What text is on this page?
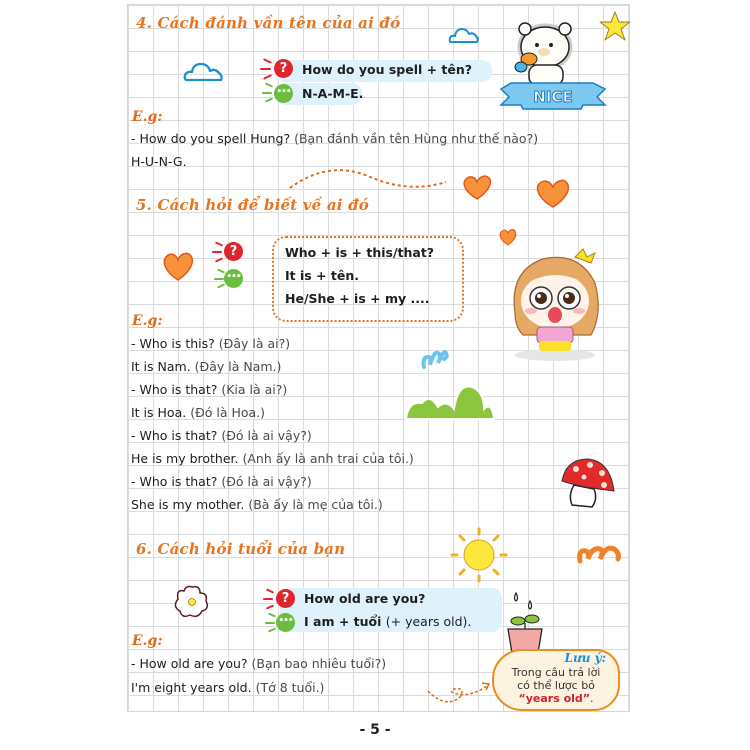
4. Cách đánh vần tên của ai đó
?
•••
How do you spell + tên?
N-A-M-E.
E.g:
- How do you spell Hung? (Bạn đánh vần tên Hùng như thế nào?)
H-U-N-G.
NICE
5. Cách hỏi để biết về ai đó
?
•••
Who + is + this/that?
It is + tên.
He/She + is + my ....
E.g:
- Who is this? (Đây là ai?)
It is Nam. (Đây là Nam.)
- Who is that? (Kia là ai?)
It is Hoa. (Đó là Hoa.)
- Who is that? (Đó là ai vậy?)
He is my brother. (Anh ấy là anh trai của tôi.)
- Who is that? (Đó là ai vậy?)
She is my mother. (Bà ấy là mẹ của tôi.)
6. Cách hỏi tuổi của bạn
?
•••
How old are you?
I am + tuổi (+ years old).
E.g:
- How old are you? (Bạn bao nhiêu tuổi?)
I'm eight years old. (Tớ 8 tuổi.)
Lưu ý:
Trong câu trả lời
có thể lược bỏ
“years old”.
- 5 -
